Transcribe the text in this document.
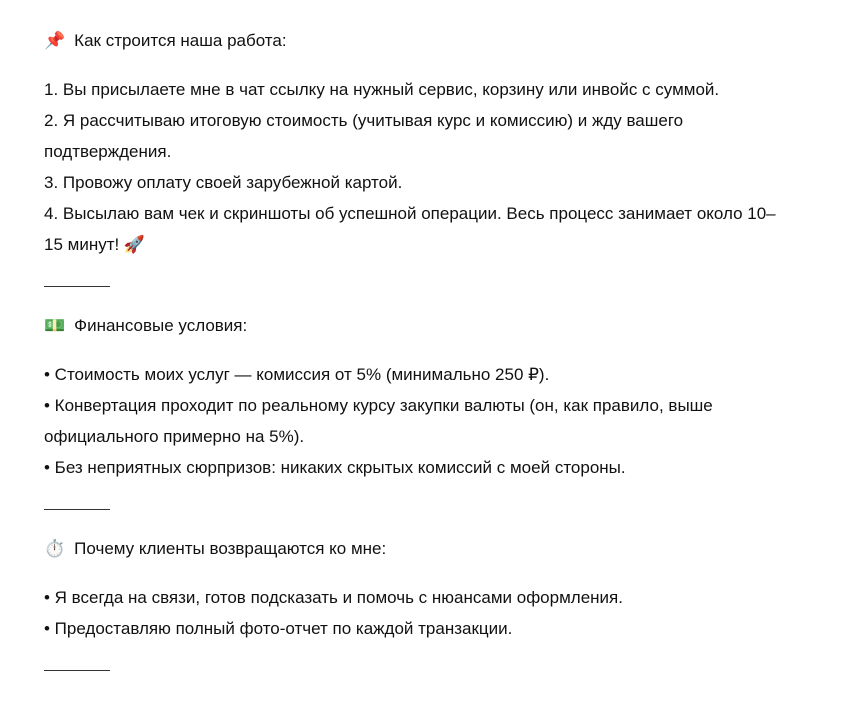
📌 Как строится наша работа:

1. Вы присылаете мне в чат ссылку на нужный сервис, корзину или инвойс с суммой.

2. Я рассчитываю итоговую стоимость (учитывая курс и комиссию) и жду вашего подтверждения.

3. Провожу оплату своей зарубежной картой.

4. Высылаю вам чек и скриншоты об успешной операции. Весь процесс занимает около 10–15 минут! 🚀

💵 Финансовые условия:

• Стоимость моих услуг — комиссия от 5% (минимально 250 ₽).

• Конвертация проходит по реальному курсу закупки валюты (он, как правило, выше официального примерно на 5%).

• Без неприятных сюрпризов: никаких скрытых комиссий с моей стороны.

⏱️ Почему клиенты возвращаются ко мне:

• Я всегда на связи, готов подсказать и помочь с нюансами оформления.

• Предоставляю полный фото-отчет по каждой транзакции.
